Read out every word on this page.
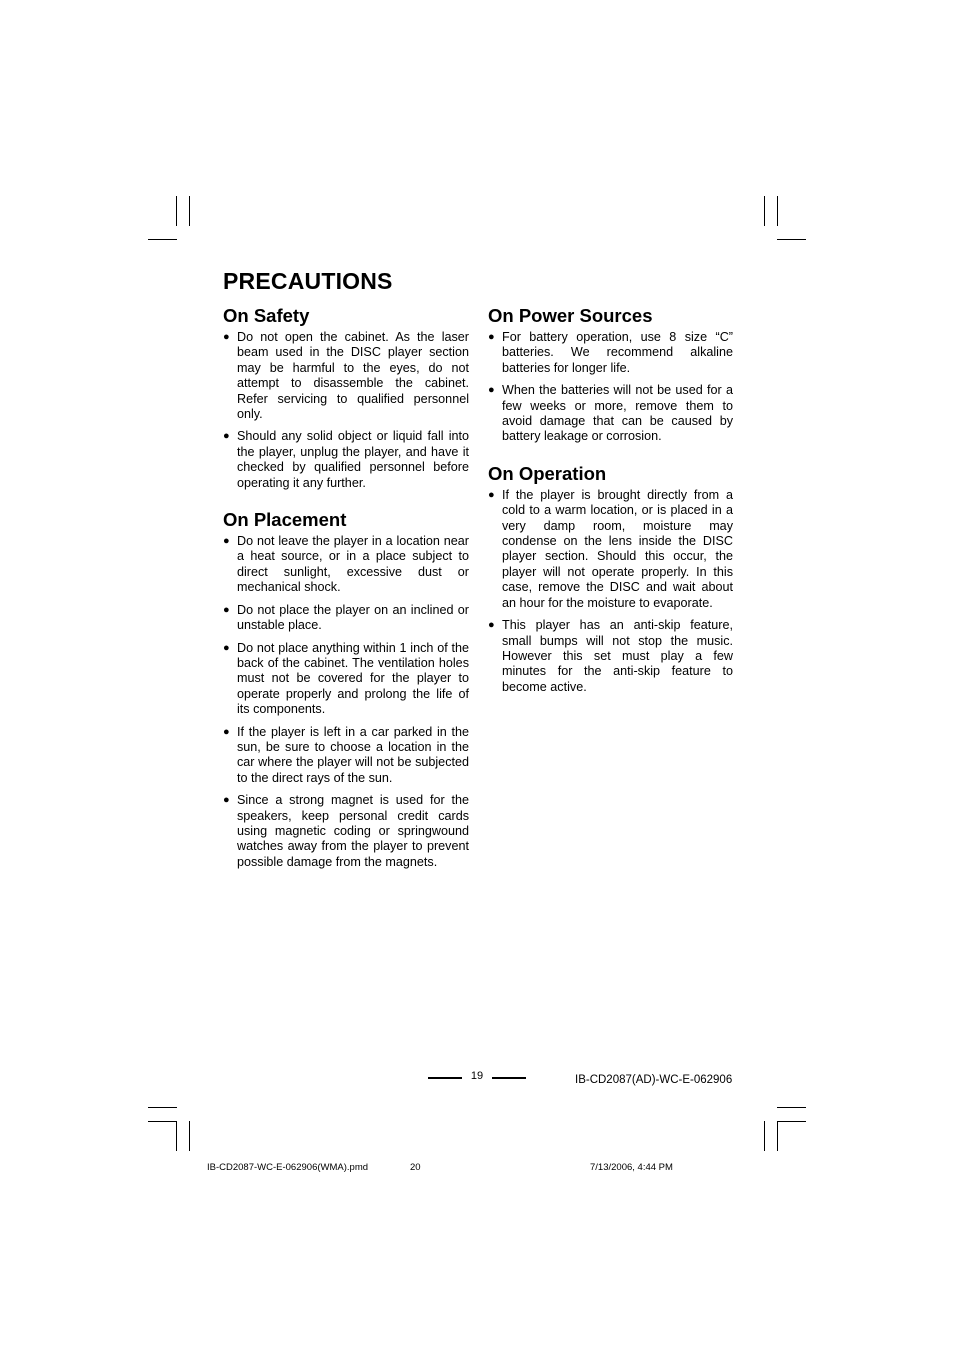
PRECAUTIONS
On Safety
● Do not open the cabinet. As the laser beam used in the DISC player section may be harmful to the eyes, do not attempt to disassemble the cabinet. Refer servicing to qualified personnel only.
● Should any solid object or liquid fall into the player, unplug the player, and have it checked by qualified personnel before operating it any further.
On Placement
● Do not leave the player in a location near a heat source, or in a place subject to direct sunlight, excessive dust or mechanical shock.
● Do not place the player on an inclined or unstable place.
● Do not place anything within 1 inch of the back of the cabinet. The ventilation holes must not be covered for the player to operate properly and prolong the life of its components.
● If the player is left in a car parked in the sun, be sure to choose a location in the car where the player will not be subjected to the direct rays of the sun.
● Since a strong magnet is used for the speakers, keep personal credit cards using magnetic coding or springwound watches away from the player to prevent possible damage from the magnets.
On Power Sources
● For battery operation, use 8 size “C” batteries. We recommend alkaline batteries for longer life.
● When the batteries will not be used for a few weeks or more, remove them to avoid damage that can be caused by battery leakage or corrosion.
On Operation
● If the player is brought directly from a cold to a warm location, or is placed in a very damp room, moisture may condense on the lens inside the DISC player section. Should this occur, the player will not operate properly. In this case, remove the DISC and wait about an hour for the moisture to evaporate.
● This player has an anti-skip feature, small bumps will not stop the music. However this set must play a few minutes for the anti-skip feature to become active.
19	IB-CD2087(AD)-WC-E-062906
IB-CD2087-WC-E-062906(WMA).pmd	20	7/13/2006, 4:44 PM
